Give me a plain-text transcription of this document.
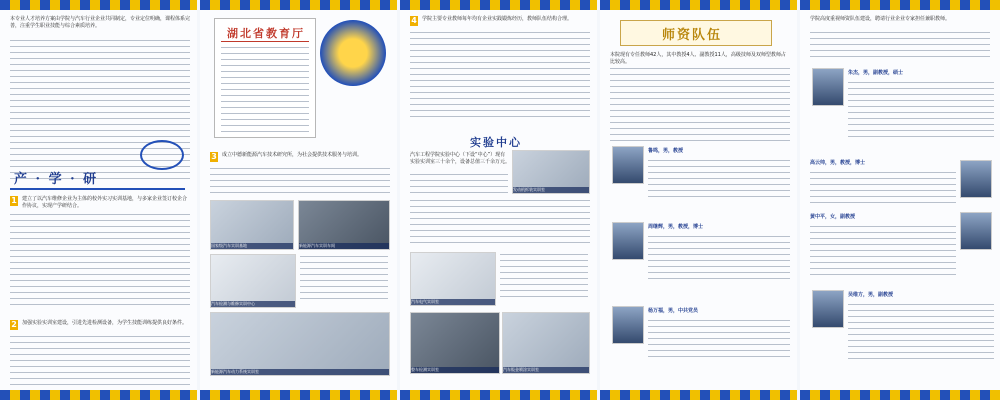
本专业人才培养方案由学院与汽车行业企业共同制定，专业定位明确，课程体系完善，注重学生职业技能与综合素质培养。
产 · 学 · 研
1 建立了以汽车维修企业为主体的校外实习实训基地，与多家企业签订校企合作协议，实现产学研结合。
2 加强实验实训室建设，引进先进检测设备，为学生技能训练提供良好条件。
湖北省教育厅
3 成立中德新能源汽车技术研究所，为社会提供技术服务与培训。
国家级汽车实训基地	新能源汽车实训车间
汽车检测与维修实训中心
新能源汽车动力系统实训室
4 学院主要专业教师每年均有企业实践锻炼经历，教师队伍结构合理。
实验中心
汽车工程学院实验中心（下设“中心”）现有实验实训室三十余个，设备总值三千余万元。
发动机拆装实训室
汽车电气实训室
整车检测实训室	汽车钣金喷涂实训室
师资队伍
本院现有专任教师42人，其中教授4人、副教授11人，高级技师及双师型教师占比较高。
鲁鸣，男，教授
周继辉，男，教授，博士
杨万福，男，中共党员
学院高度重视师资队伍建设，聘请行业企业专家担任兼职教师。
朱杰，男，副教授，硕士
高云帅，男，教授，博士
黄中平，女，副教授
吴维方，男，副教授
